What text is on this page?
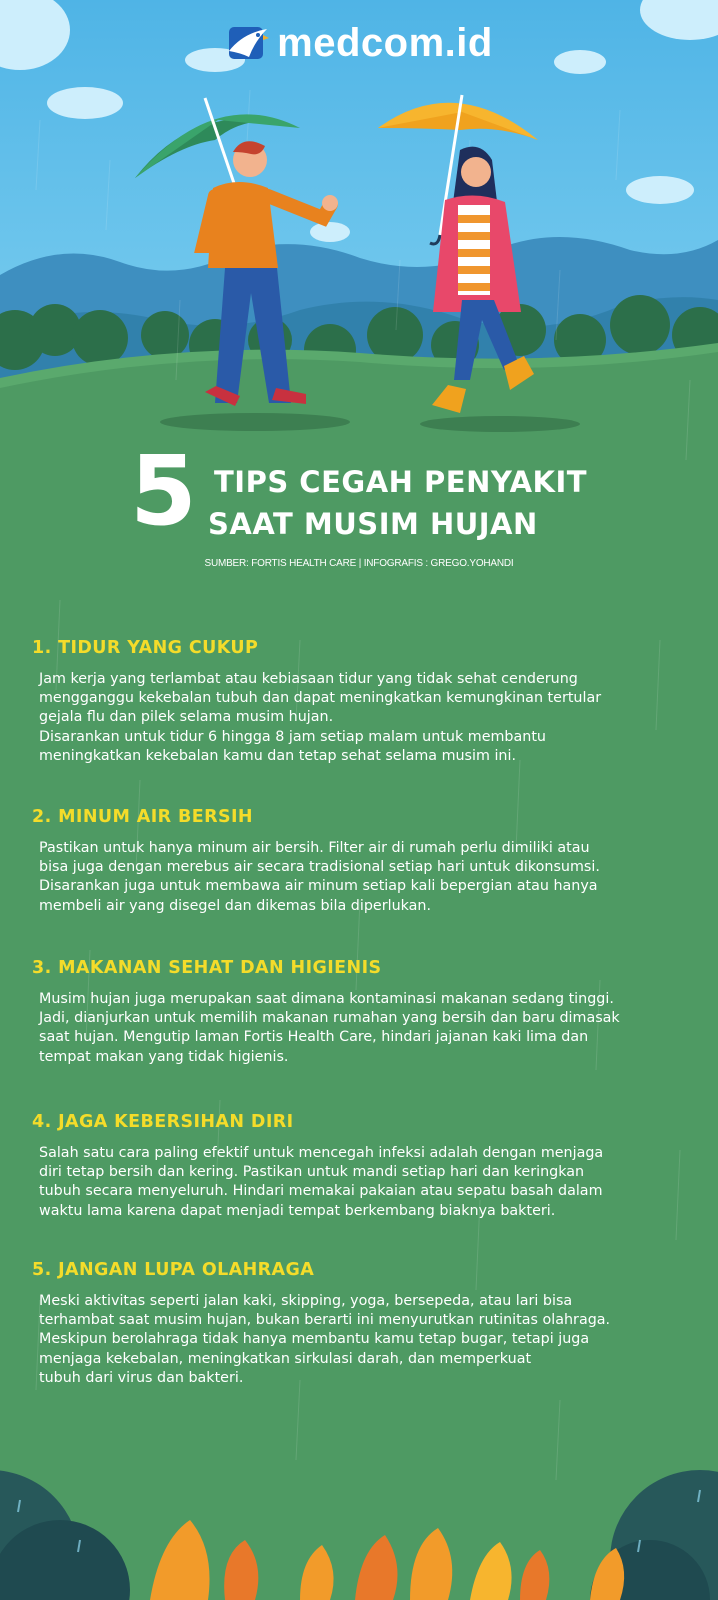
medcom.id
5 TIPS CEGAH PENYAKIT
SAAT MUSIM HUJAN
SUMBER: FORTIS HEALTH CARE | INFOGRAFIS : GREGO.YOHANDI
1. TIDUR YANG CUKUP
Jam kerja yang terlambat atau kebiasaan tidur yang tidak sehat cenderung
mengganggu kekebalan tubuh dan dapat meningkatkan kemungkinan tertular
gejala flu dan pilek selama musim hujan.
Disarankan untuk tidur 6 hingga 8 jam setiap malam untuk membantu
meningkatkan kekebalan kamu dan tetap sehat selama musim ini.
2. MINUM AIR BERSIH
Pastikan untuk hanya minum air bersih. Filter air di rumah perlu dimiliki atau
bisa juga dengan merebus air secara tradisional setiap hari untuk dikonsumsi.
Disarankan juga untuk membawa air minum setiap kali bepergian atau hanya
membeli air yang disegel dan dikemas bila diperlukan.
3. MAKANAN SEHAT DAN HIGIENIS
Musim hujan juga merupakan saat dimana kontaminasi makanan sedang tinggi.
Jadi, dianjurkan untuk memilih makanan rumahan yang bersih dan baru dimasak
saat hujan. Mengutip laman Fortis Health Care, hindari jajanan kaki lima dan
tempat makan yang tidak higienis.
4. JAGA KEBERSIHAN DIRI
Salah satu cara paling efektif untuk mencegah infeksi adalah dengan menjaga
diri tetap bersih dan kering. Pastikan untuk mandi setiap hari dan keringkan
tubuh secara menyeluruh. Hindari memakai pakaian atau sepatu basah dalam
waktu lama karena dapat menjadi tempat berkembang biaknya bakteri.
5. JANGAN LUPA OLAHRAGA
Meski aktivitas seperti jalan kaki, skipping, yoga, bersepeda, atau lari bisa
terhambat saat musim hujan, bukan berarti ini menyurutkan rutinitas olahraga.
Meskipun berolahraga tidak hanya membantu kamu tetap bugar, tetapi juga
menjaga kekebalan, meningkatkan sirkulasi darah, dan memperkuat
tubuh dari virus dan bakteri.
